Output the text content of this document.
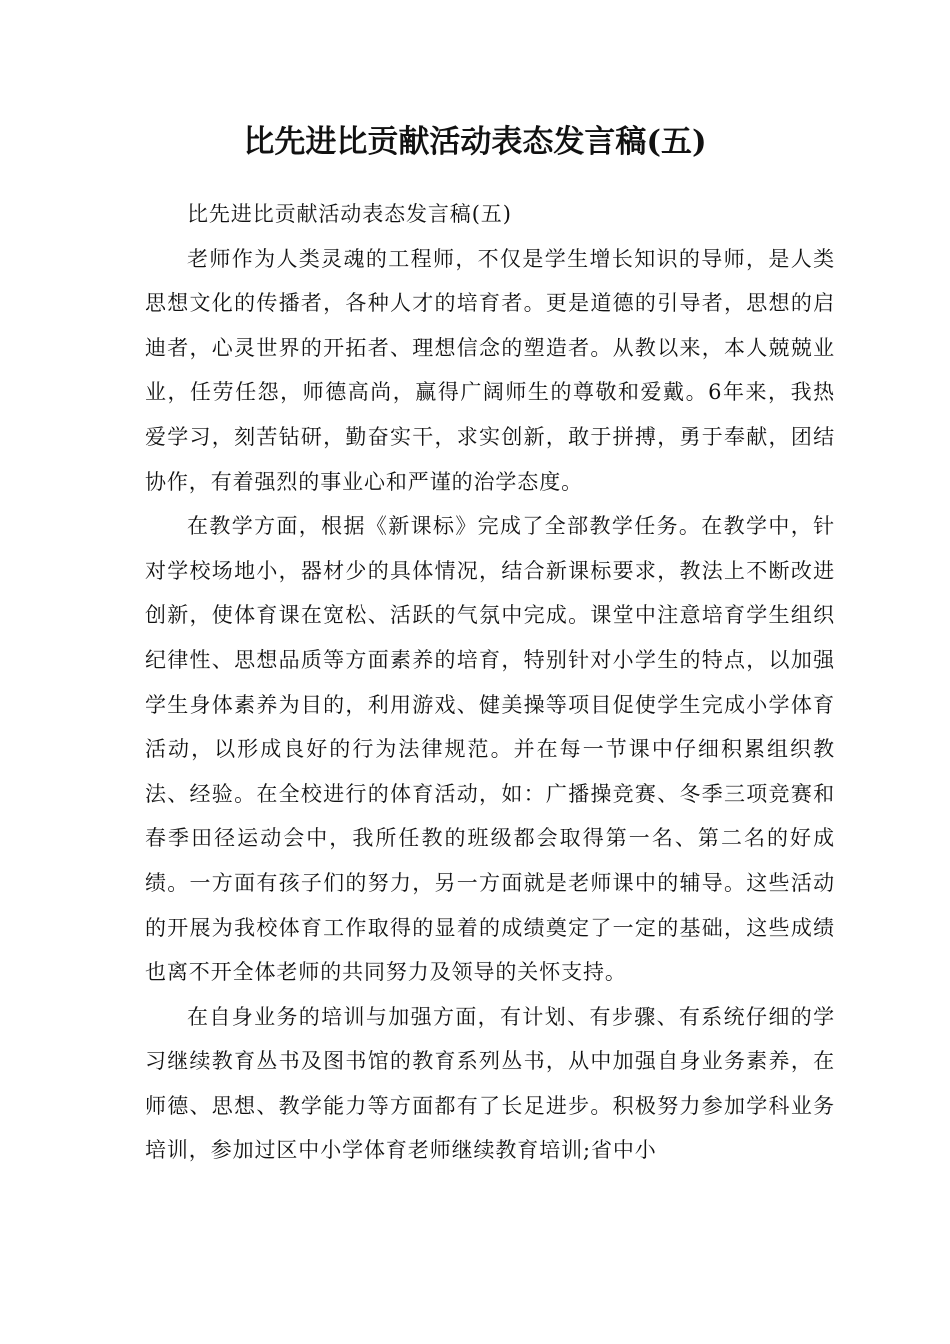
比先进比贡献活动表态发言稿(五)

比先进比贡献活动表态发言稿(五)

老师作为人类灵魂的工程师，不仅是学生增长知识的导师，是人类思想文化的传播者，各种人才的培育者。更是道德的引导者，思想的启迪者，心灵世界的开拓者、理想信念的塑造者。从教以来，本人兢兢业业，任劳任怨，师德高尚，赢得广阔师生的尊敬和爱戴。6年来，我热爱学习，刻苦钻研，勤奋实干，求实创新，敢于拼搏，勇于奉献，团结协作，有着强烈的事业心和严谨的治学态度。

在教学方面，根据《新课标》完成了全部教学任务。在教学中，针对学校场地小，器材少的具体情况，结合新课标要求，教法上不断改进创新，使体育课在宽松、活跃的气氛中完成。课堂中注意培育学生组织纪律性、思想品质等方面素养的培育，特别针对小学生的特点，以加强学生身体素养为目的，利用游戏、健美操等项目促使学生完成小学体育活动，以形成良好的行为法律规范。并在每一节课中仔细积累组织教法、经验。在全校进行的体育活动，如：广播操竞赛、冬季三项竞赛和春季田径运动会中，我所任教的班级都会取得第一名、第二名的好成绩。一方面有孩子们的努力，另一方面就是老师课中的辅导。这些活动的开展为我校体育工作取得的显着的成绩奠定了一定的基础，这些成绩也离不开全体老师的共同努力及领导的关怀支持。

在自身业务的培训与加强方面，有计划、有步骤、有系统仔细的学习继续教育丛书及图书馆的教育系列丛书，从中加强自身业务素养，在师德、思想、教学能力等方面都有了长足进步。积极努力参加学科业务培训，参加过区中小学体育老师继续教育培训;省中小
